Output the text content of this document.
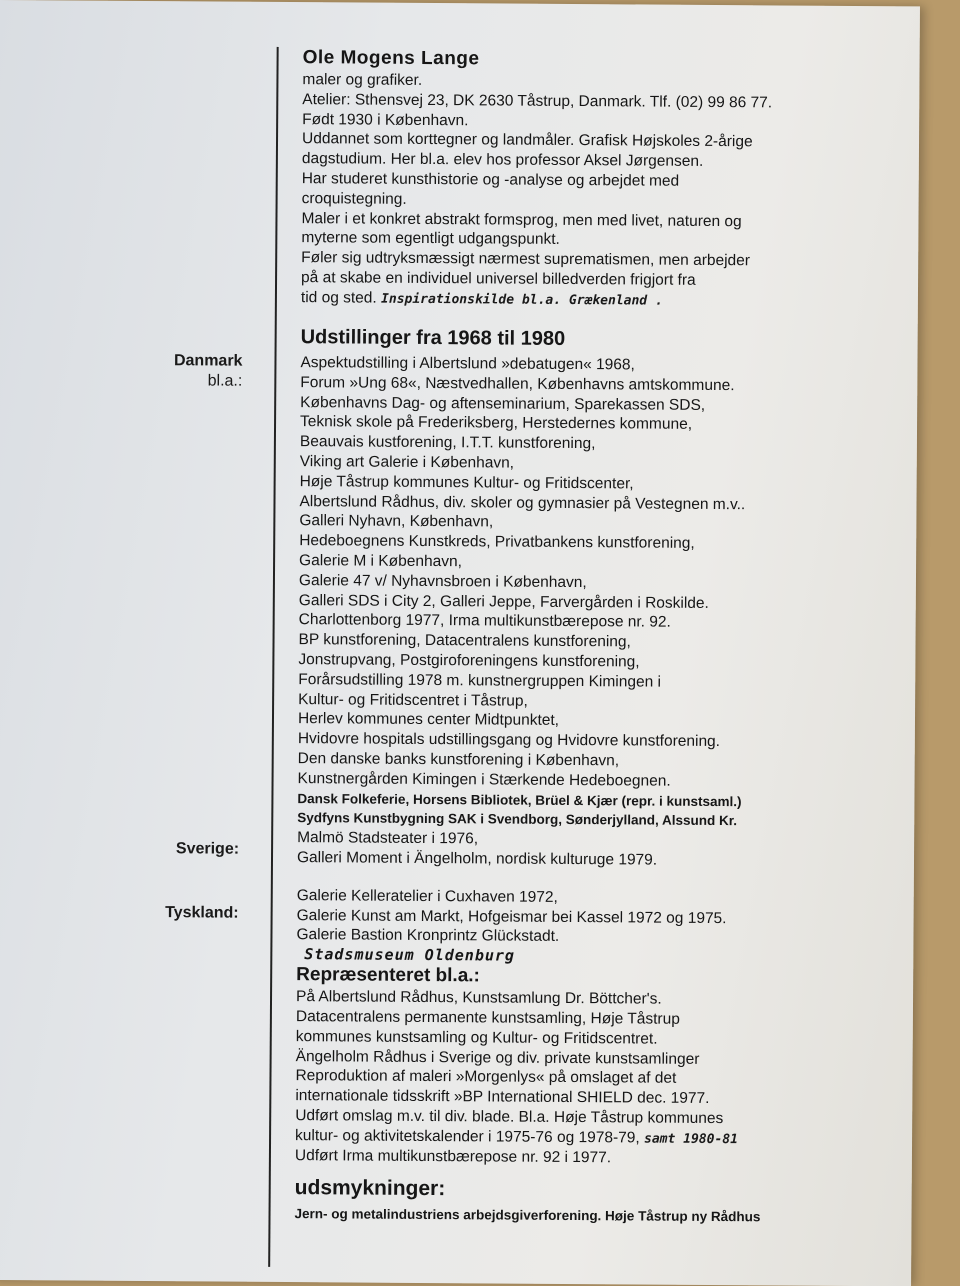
Ole Mogens Lange
maler og grafiker.
Atelier: Sthensvej 23, DK 2630 Tåstrup, Danmark. Tlf. (02) 99 86 77.
Født 1930 i København.
Uddannet som korttegner og landmåler. Grafisk Højskoles 2-årige
dagstudium. Her bl.a. elev hos professor Aksel Jørgensen.
Har studeret kunsthistorie og -analyse og arbejdet med
croquistegning.
Maler i et konkret abstrakt formsprog, men med livet, naturen og
myterne som egentligt udgangspunkt.
Føler sig udtryksmæssigt nærmest suprematismen, men arbejder
på at skabe en individuel universel billedverden frigjort fra
tid og sted. Inspirationskilde bl.a. Grækenland .
Udstillinger fra 1968 til 1980
Aspektudstilling i Albertslund »debatugen« 1968,
Forum »Ung 68«, Næstvedhallen, Københavns amtskommune.
Københavns Dag- og aftenseminarium, Sparekassen SDS,
Teknisk skole på Frederiksberg, Herstedernes kommune,
Beauvais kustforening, I.T.T. kunstforening,
Viking art Galerie i København,
Høje Tåstrup kommunes Kultur- og Fritidscenter,
Albertslund Rådhus, div. skoler og gymnasier på Vestegnen m.v..
Galleri Nyhavn, København,
Hedeboegnens Kunstkreds, Privatbankens kunstforening,
Galerie M i København,
Galerie 47 v/ Nyhavnsbroen i København,
Galleri SDS i City 2, Galleri Jeppe, Farvergården i Roskilde.
Charlottenborg 1977, Irma multikunstbærepose nr. 92.
BP kunstforening, Datacentralens kunstforening,
Jonstrupvang, Postgiroforeningens kunstforening,
Forårsudstilling 1978 m. kunstnergruppen Kimingen i
Kultur- og Fritidscentret i Tåstrup,
Herlev kommunes center Midtpunktet,
Hvidovre hospitals udstillingsgang og Hvidovre kunstforening.
Den danske banks kunstforening i København,
Kunstnergården Kimingen i Stærkende Hedeboegnen.
Dansk Folkeferie, Horsens Bibliotek, Brüel & Kjær (repr. i kunstsaml.)
Sydfyns Kunstbygning SAK i Svendborg, Sønderjylland, Alssund Kr.
Malmö Stadsteater i 1976,
Galleri Moment i Ängelholm, nordisk kulturuge 1979.
Galerie Kelleratelier i Cuxhaven 1972,
Galerie Kunst am Markt, Hofgeismar bei Kassel 1972 og 1975.
Galerie Bastion Kronprintz Glückstadt.
Stadsmuseum Oldenburg
Repræsenteret bl.a.:
På Albertslund Rådhus, Kunstsamlung Dr. Böttcher's.
Datacentralens permanente kunstsamling, Høje Tåstrup
kommunes kunstsamling og Kultur- og Fritidscentret.
Ängelholm Rådhus i Sverige og div. private kunstsamlinger
Reproduktion af maleri »Morgenlys« på omslaget af det
internationale tidsskrift »BP International SHIELD dec. 1977.
Udført omslag m.v. til div. blade. Bl.a. Høje Tåstrup kommunes
kultur- og aktivitetskalender i 1975-76 og 1978-79, samt 1980-81
Udført Irma multikunstbærepose nr. 92 i 1977.
udsmykninger:
Jern- og metalindustriens arbejdsgiverforening. Høje Tåstrup ny Rådhus
Danmark
bl.a.:
Sverige:
Tyskland:
